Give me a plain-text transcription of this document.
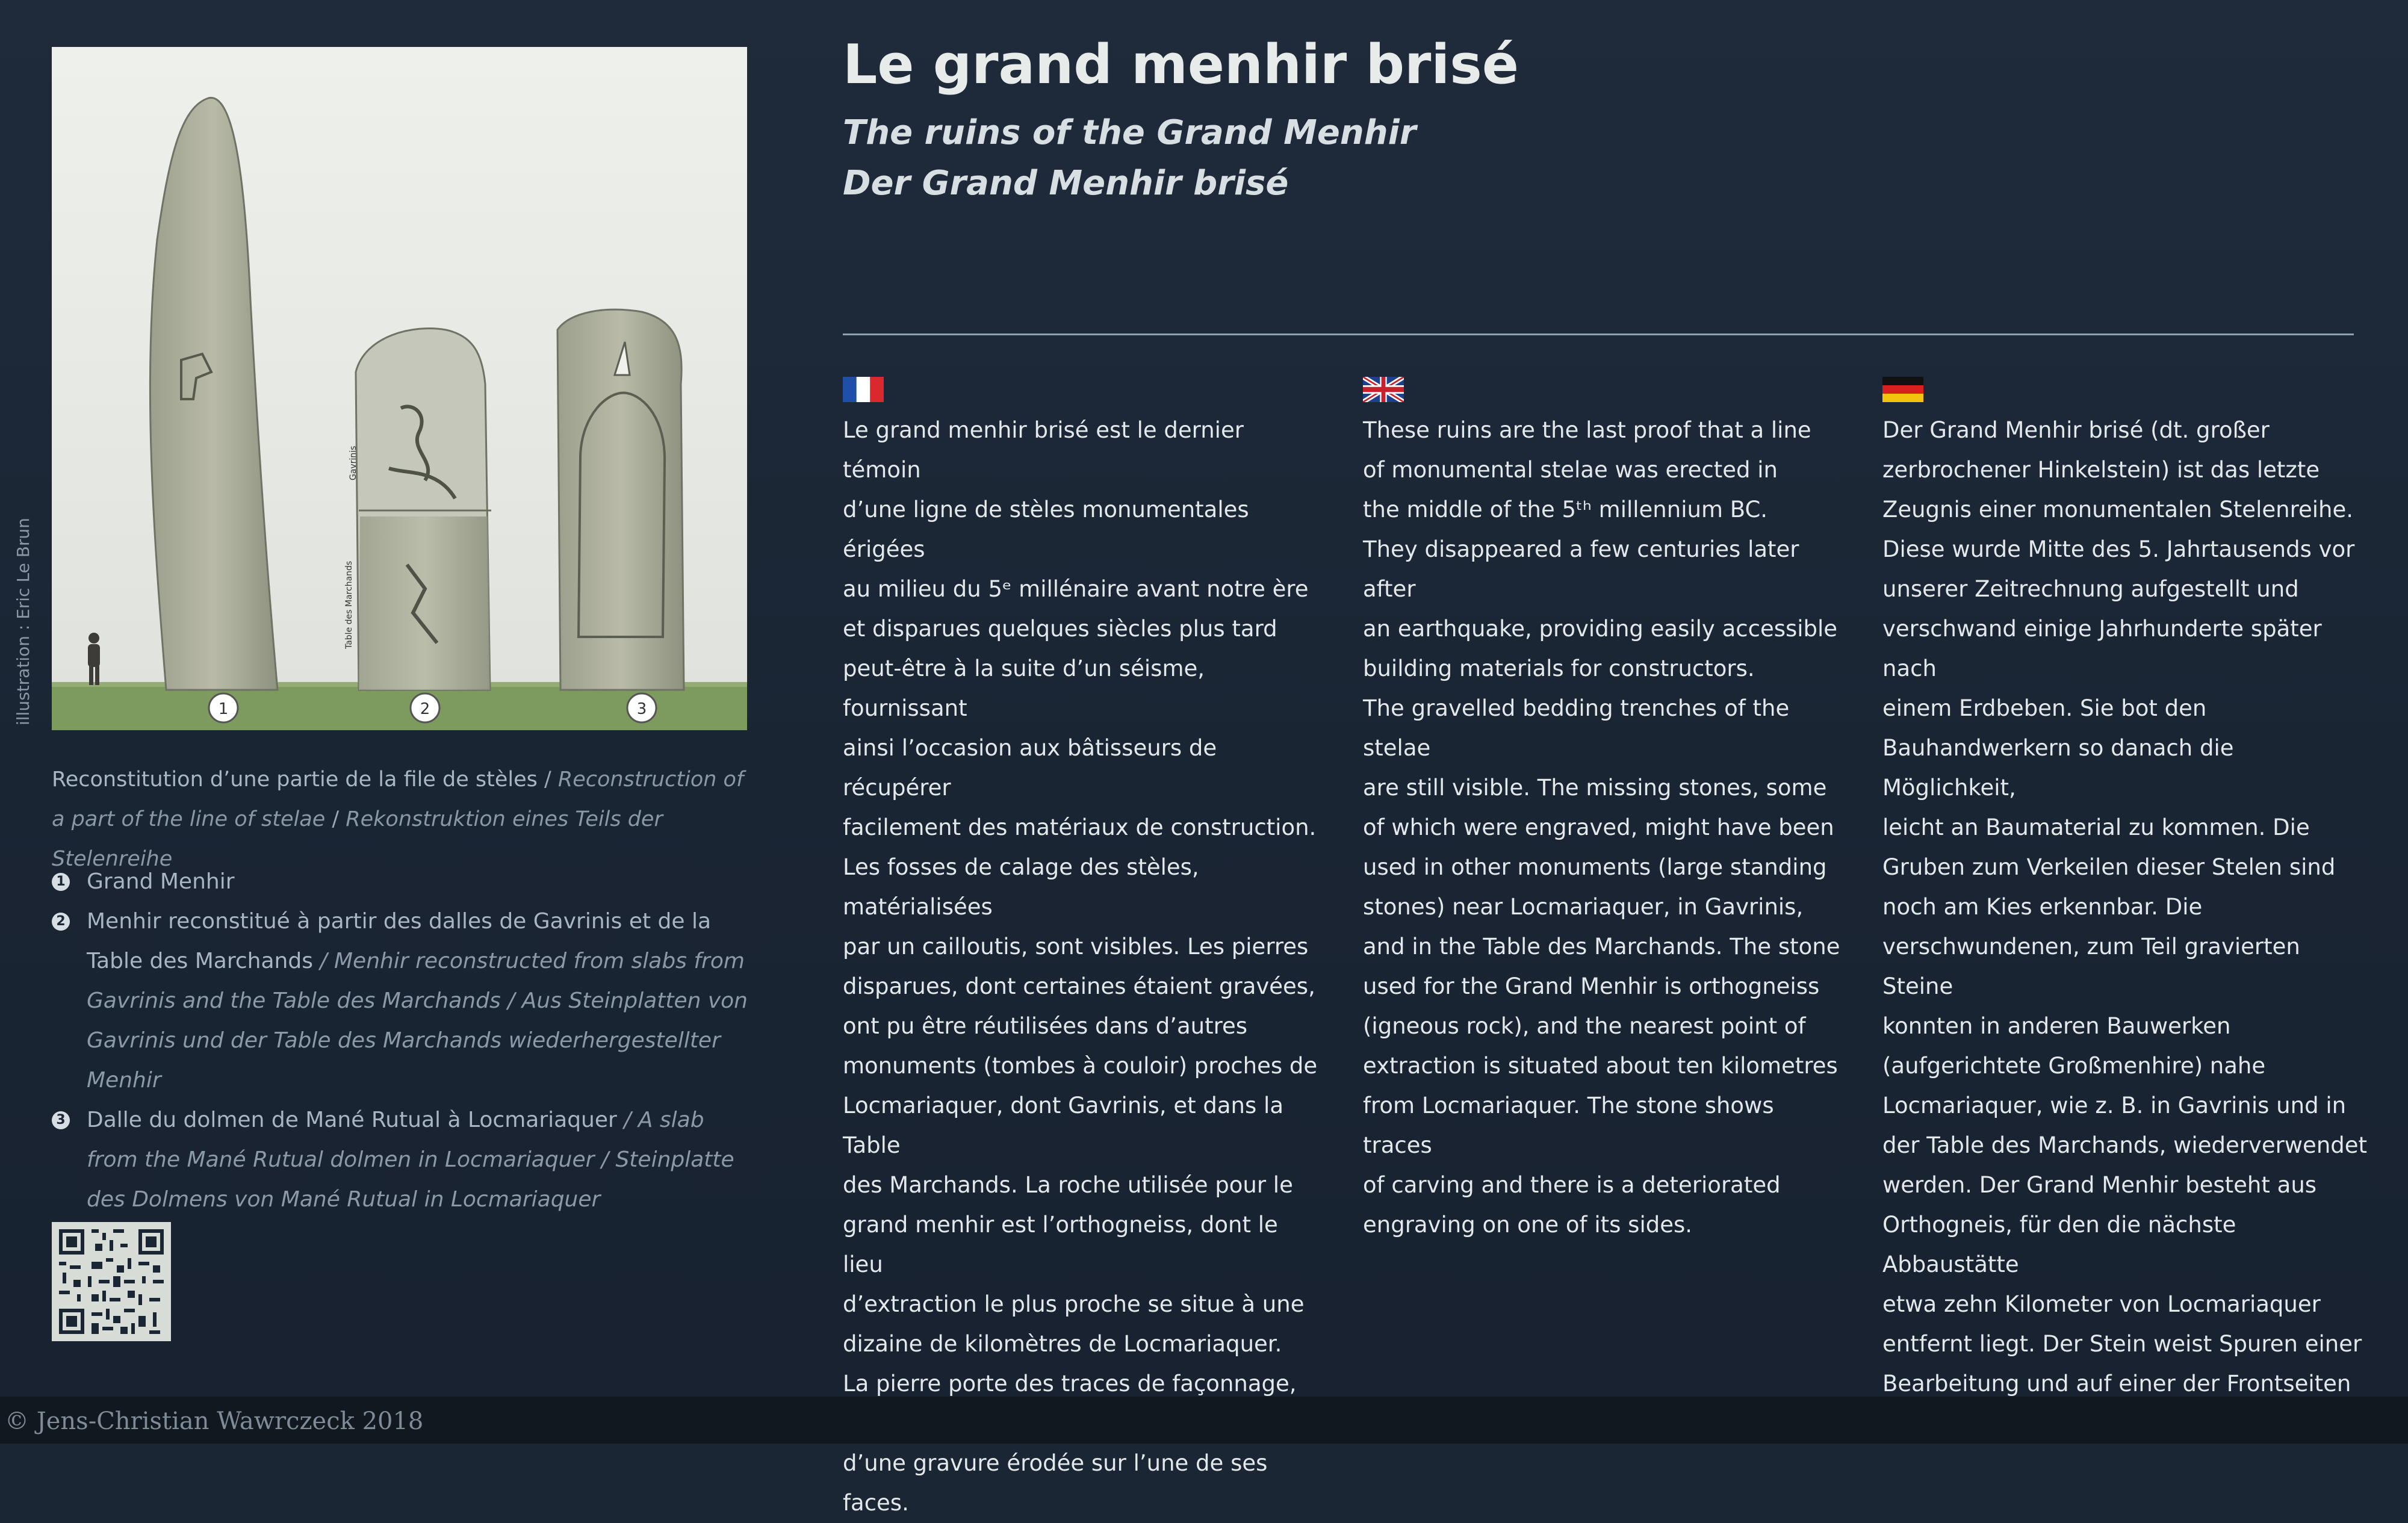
Gavrinis
Table des Marchands
1	2	3
illustration : Eric Le Brun
Reconstitution d’une partie de la file de stèles / Reconstruction of a part of the line of stelae / Rekonstruktion eines Teils der Stelenreihe
1 Grand Menhir
2 Menhir reconstitué à partir des dalles de Gavrinis et de la Table des Marchands / Menhir reconstructed from slabs from Gavrinis and the Table des Marchands / Aus Steinplatten von Gavrinis und der Table des Marchands wiederhergestellter Menhir
3 Dalle du dolmen de Mané Rutual à Locmariaquer / A slab from the Mané Rutual dolmen in Locmariaquer / Steinplatte des Dolmens von Mané Rutual in Locmariaquer
Le grand menhir brisé
The ruins of the Grand Menhir
Der Grand Menhir brisé
Le grand menhir brisé est le dernier témoin
d’une ligne de stèles monumentales érigées
au milieu du 5ᵉ millénaire avant notre ère
et disparues quelques siècles plus tard
peut-être à la suite d’un séisme, fournissant
ainsi l’occasion aux bâtisseurs de récupérer
facilement des matériaux de construction.
Les fosses de calage des stèles, matérialisées
par un cailloutis, sont visibles. Les pierres
disparues, dont certaines étaient gravées,
ont pu être réutilisées dans d’autres
monuments (tombes à couloir) proches de
Locmariaquer, dont Gavrinis, et dans la Table
des Marchands. La roche utilisée pour le
grand menhir est l’orthogneiss, dont le lieu
d’extraction le plus proche se situe à une
dizaine de kilomètres de Locmariaquer.
La pierre porte des traces de façonnage,
d’une gravure érodée sur l’une de ses faces.
These ruins are the last proof that a line
of monumental stelae was erected in
the middle of the 5ᵗʰ millennium BC.
They disappeared a few centuries later after
an earthquake, providing easily accessible
building materials for constructors.
The gravelled bedding trenches of the stelae
are still visible. The missing stones, some
of which were engraved, might have been
used in other monuments (large standing
stones) near Locmariaquer, in Gavrinis,
and in the Table des Marchands. The stone
used for the Grand Menhir is orthogneiss
(igneous rock), and the nearest point of
extraction is situated about ten kilometres
from Locmariaquer. The stone shows traces
of carving and there is a deteriorated
engraving on one of its sides.
Der Grand Menhir brisé (dt. großer
zerbrochener Hinkelstein) ist das letzte
Zeugnis einer monumentalen Stelenreihe.
Diese wurde Mitte des 5. Jahrtausends vor
unserer Zeitrechnung aufgestellt und
verschwand einige Jahrhunderte später nach
einem Erdbeben. Sie bot den
Bauhandwerkern so danach die Möglichkeit,
leicht an Baumaterial zu kommen. Die
Gruben zum Verkeilen dieser Stelen sind
noch am Kies erkennbar. Die
verschwundenen, zum Teil gravierten Steine
konnten in anderen Bauwerken
(aufgerichtete Großmenhire) nahe
Locmariaquer, wie z. B. in Gavrinis und in
der Table des Marchands, wiederverwendet
werden. Der Grand Menhir besteht aus
Orthogneis, für den die nächste Abbaustätte
etwa zehn Kilometer von Locmariaquer
entfernt liegt. Der Stein weist Spuren einer
Bearbeitung und auf einer der Frontseiten

© Jens-Christian Wawrczeck 2018
